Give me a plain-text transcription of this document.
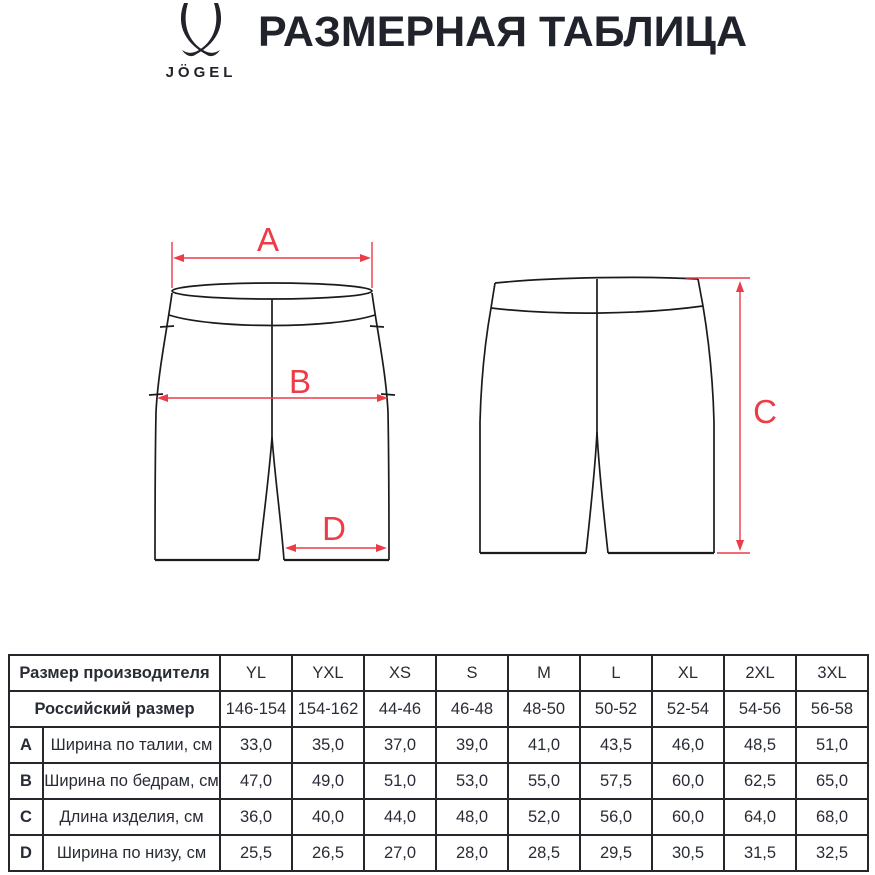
JÖGEL
РАЗМЕРНАЯ ТАБЛИЦА
A
B
D
C
Размер производителя		YL	YXL	XS	S	M	L	XL	2XL	3XL
Российский размер		146-154	154-162	44-46	46-48	48-50	50-52	52-54	54-56	56-58
A	Ширина по талии, см	33,0	35,0	37,0	39,0	41,0	43,5	46,0	48,5	51,0
B	Ширина по бедрам, см	47,0	49,0	51,0	53,0	55,0	57,5	60,0	62,5	65,0
C	Длина изделия, см	36,0	40,0	44,0	48,0	52,0	56,0	60,0	64,0	68,0
D	Ширина по низу, см	25,5	26,5	27,0	28,0	28,5	29,5	30,5	31,5	32,5
